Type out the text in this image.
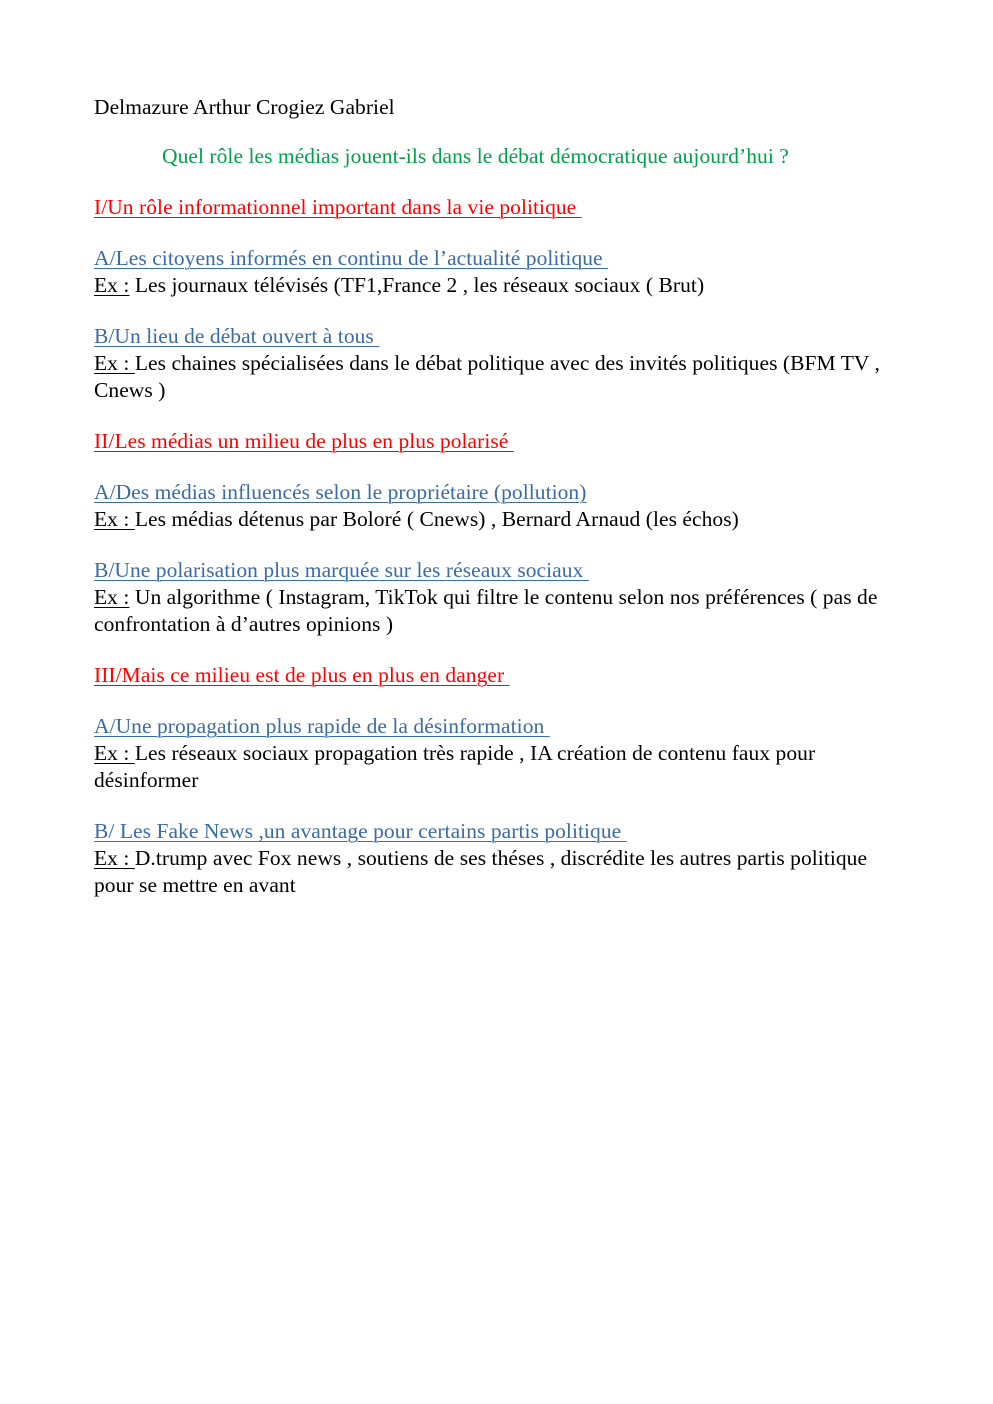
Delmazure Arthur Crogiez Gabriel
Quel rôle les médias jouent-ils dans le débat démocratique aujourd’hui ?
I/Un rôle informationnel important dans la vie politique
A/Les citoyens informés en continu de l’actualité politique
Ex : Les journaux télévisés (TF1,France 2 , les réseaux sociaux ( Brut)
B/Un lieu de débat ouvert à tous
Ex : Les chaines spécialisées dans le débat politique avec des invités politiques (BFM TV , Cnews )
II/Les médias un milieu de plus en plus polarisé
A/Des médias influencés selon le propriétaire (pollution)
Ex : Les médias détenus par Boloré ( Cnews) , Bernard Arnaud (les échos)
B/Une polarisation plus marquée sur les réseaux sociaux
Ex : Un algorithme ( Instagram, TikTok qui filtre le contenu selon nos préférences ( pas de confrontation à d’autres opinions )
III/Mais ce milieu est de plus en plus en danger
A/Une propagation plus rapide de la désinformation
Ex : Les réseaux sociaux propagation très rapide , IA création de contenu faux pour désinformer
B/ Les Fake News ,un avantage pour certains partis politique
Ex : D.trump avec Fox news , soutiens de ses théses , discrédite les autres partis politique pour se mettre en avant
